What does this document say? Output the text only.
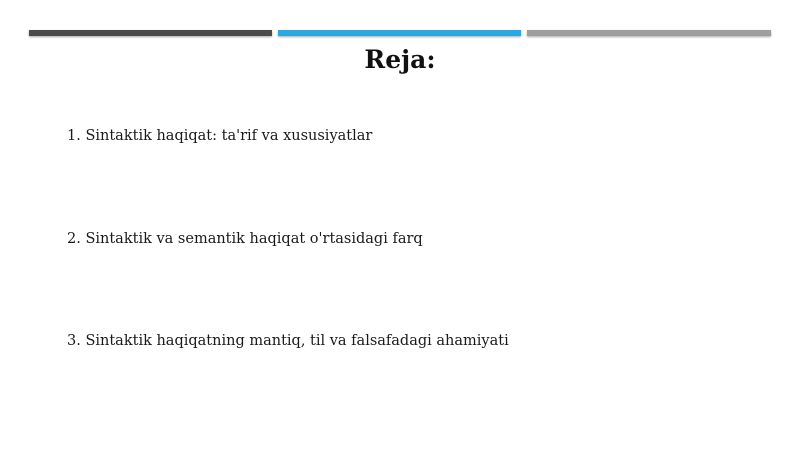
Reja:
1. Sintaktik haqiqat: ta'rif va xususiyatlar
2. Sintaktik va semantik haqiqat o'rtasidagi farq
3. Sintaktik haqiqatning mantiq, til va falsafadagi ahamiyati
